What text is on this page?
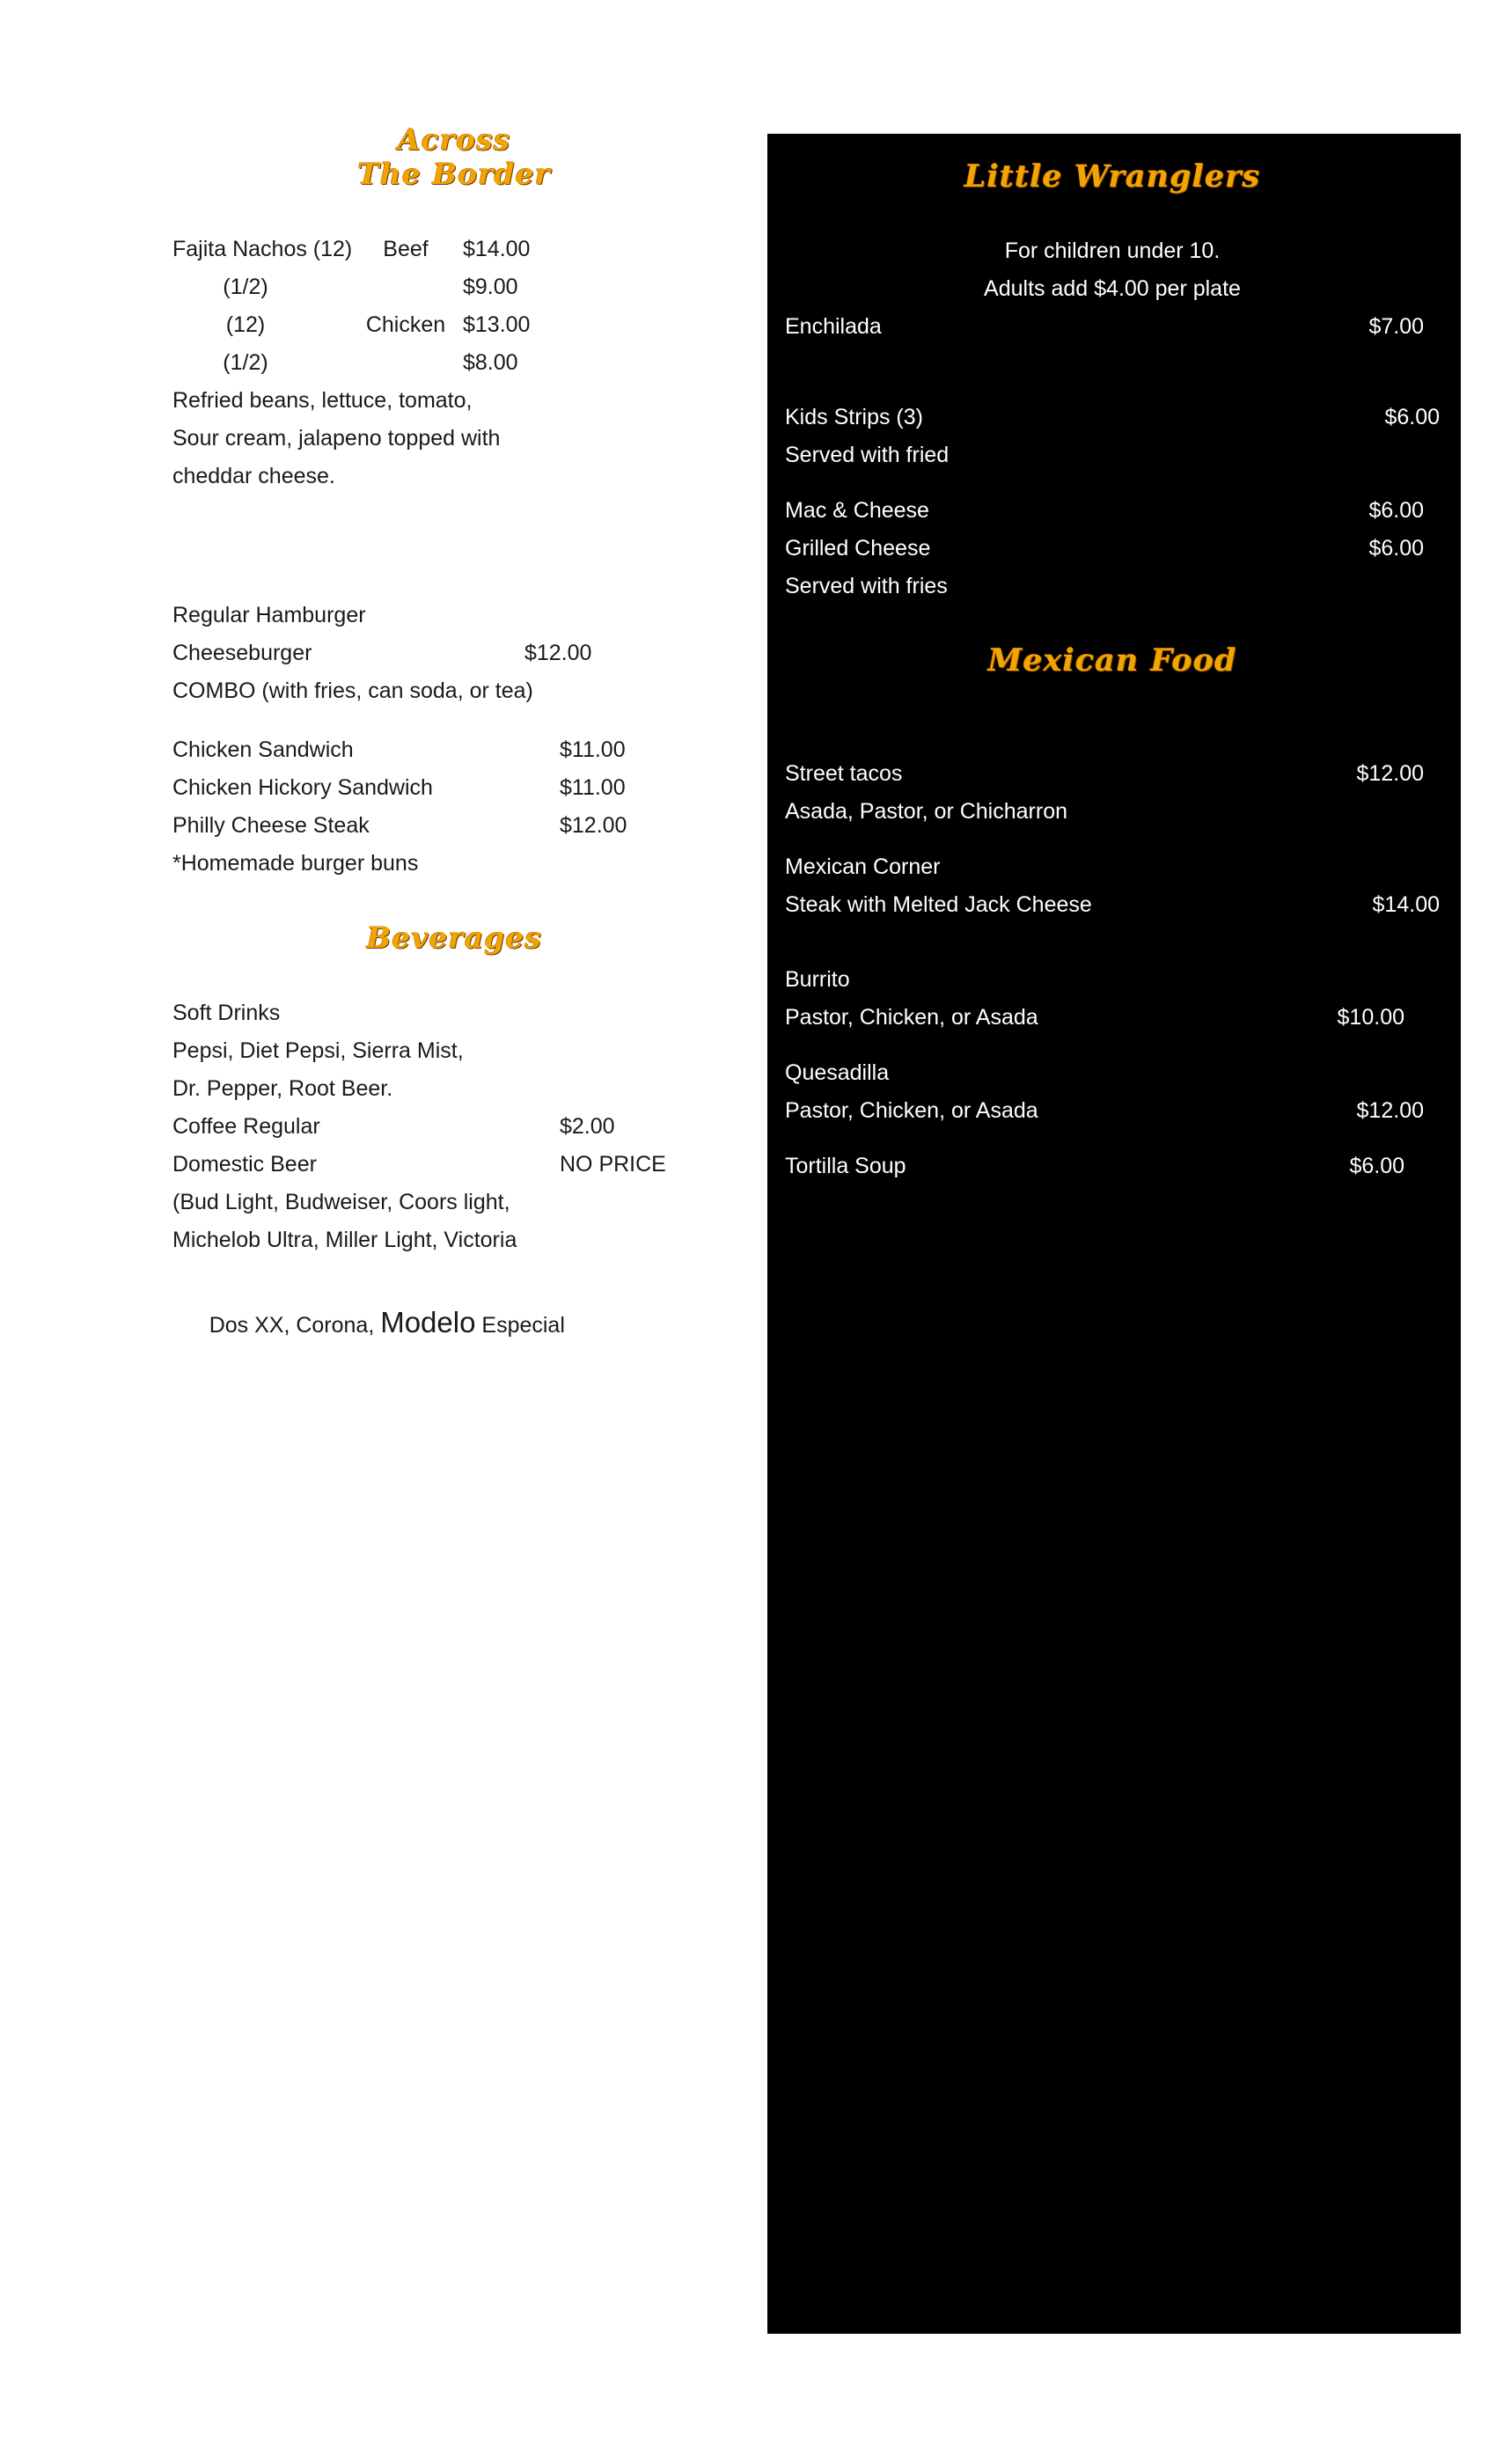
Across
The Border
Fajita Nachos (12)	Beef	$14.00
(1/2)	$9.00
(12)	Chicken $13.00
(1/2)	$8.00
Refried beans, lettuce, tomato,
Sour cream, jalapeno topped with
cheddar cheese.
Regular Hamburger
Cheeseburger	$12.00
COMBO (with fries, can soda, or tea)
Chicken Sandwich	$11.00
Chicken Hickory Sandwich	$11.00
Philly Cheese Steak	$12.00
*Homemade burger buns
Beverages
Soft Drinks
Pepsi, Diet Pepsi, Sierra Mist,
Dr. Pepper, Root Beer.
Coffee Regular	$2.00
Domestic Beer	NO PRICE
(Bud Light, Budweiser, Coors light,
Michelob Ultra, Miller Light, Victoria

Dos XX, Corona, Modelo Especial

Little Wranglers
For children under 10.
Adults add $4.00 per plate
Enchilada	$7.00
Kids Strips (3)	$6.00
Served with fried
Mac & Cheese	$6.00
Grilled Cheese	$6.00
Served with fries
Mexican Food
Street tacos	$12.00
Asada, Pastor, or Chicharron
Mexican Corner
Steak with Melted Jack Cheese	$14.00
Burrito
Pastor, Chicken, or Asada	$10.00
Quesadilla
Pastor, Chicken, or Asada	$12.00
Tortilla Soup	$6.00
